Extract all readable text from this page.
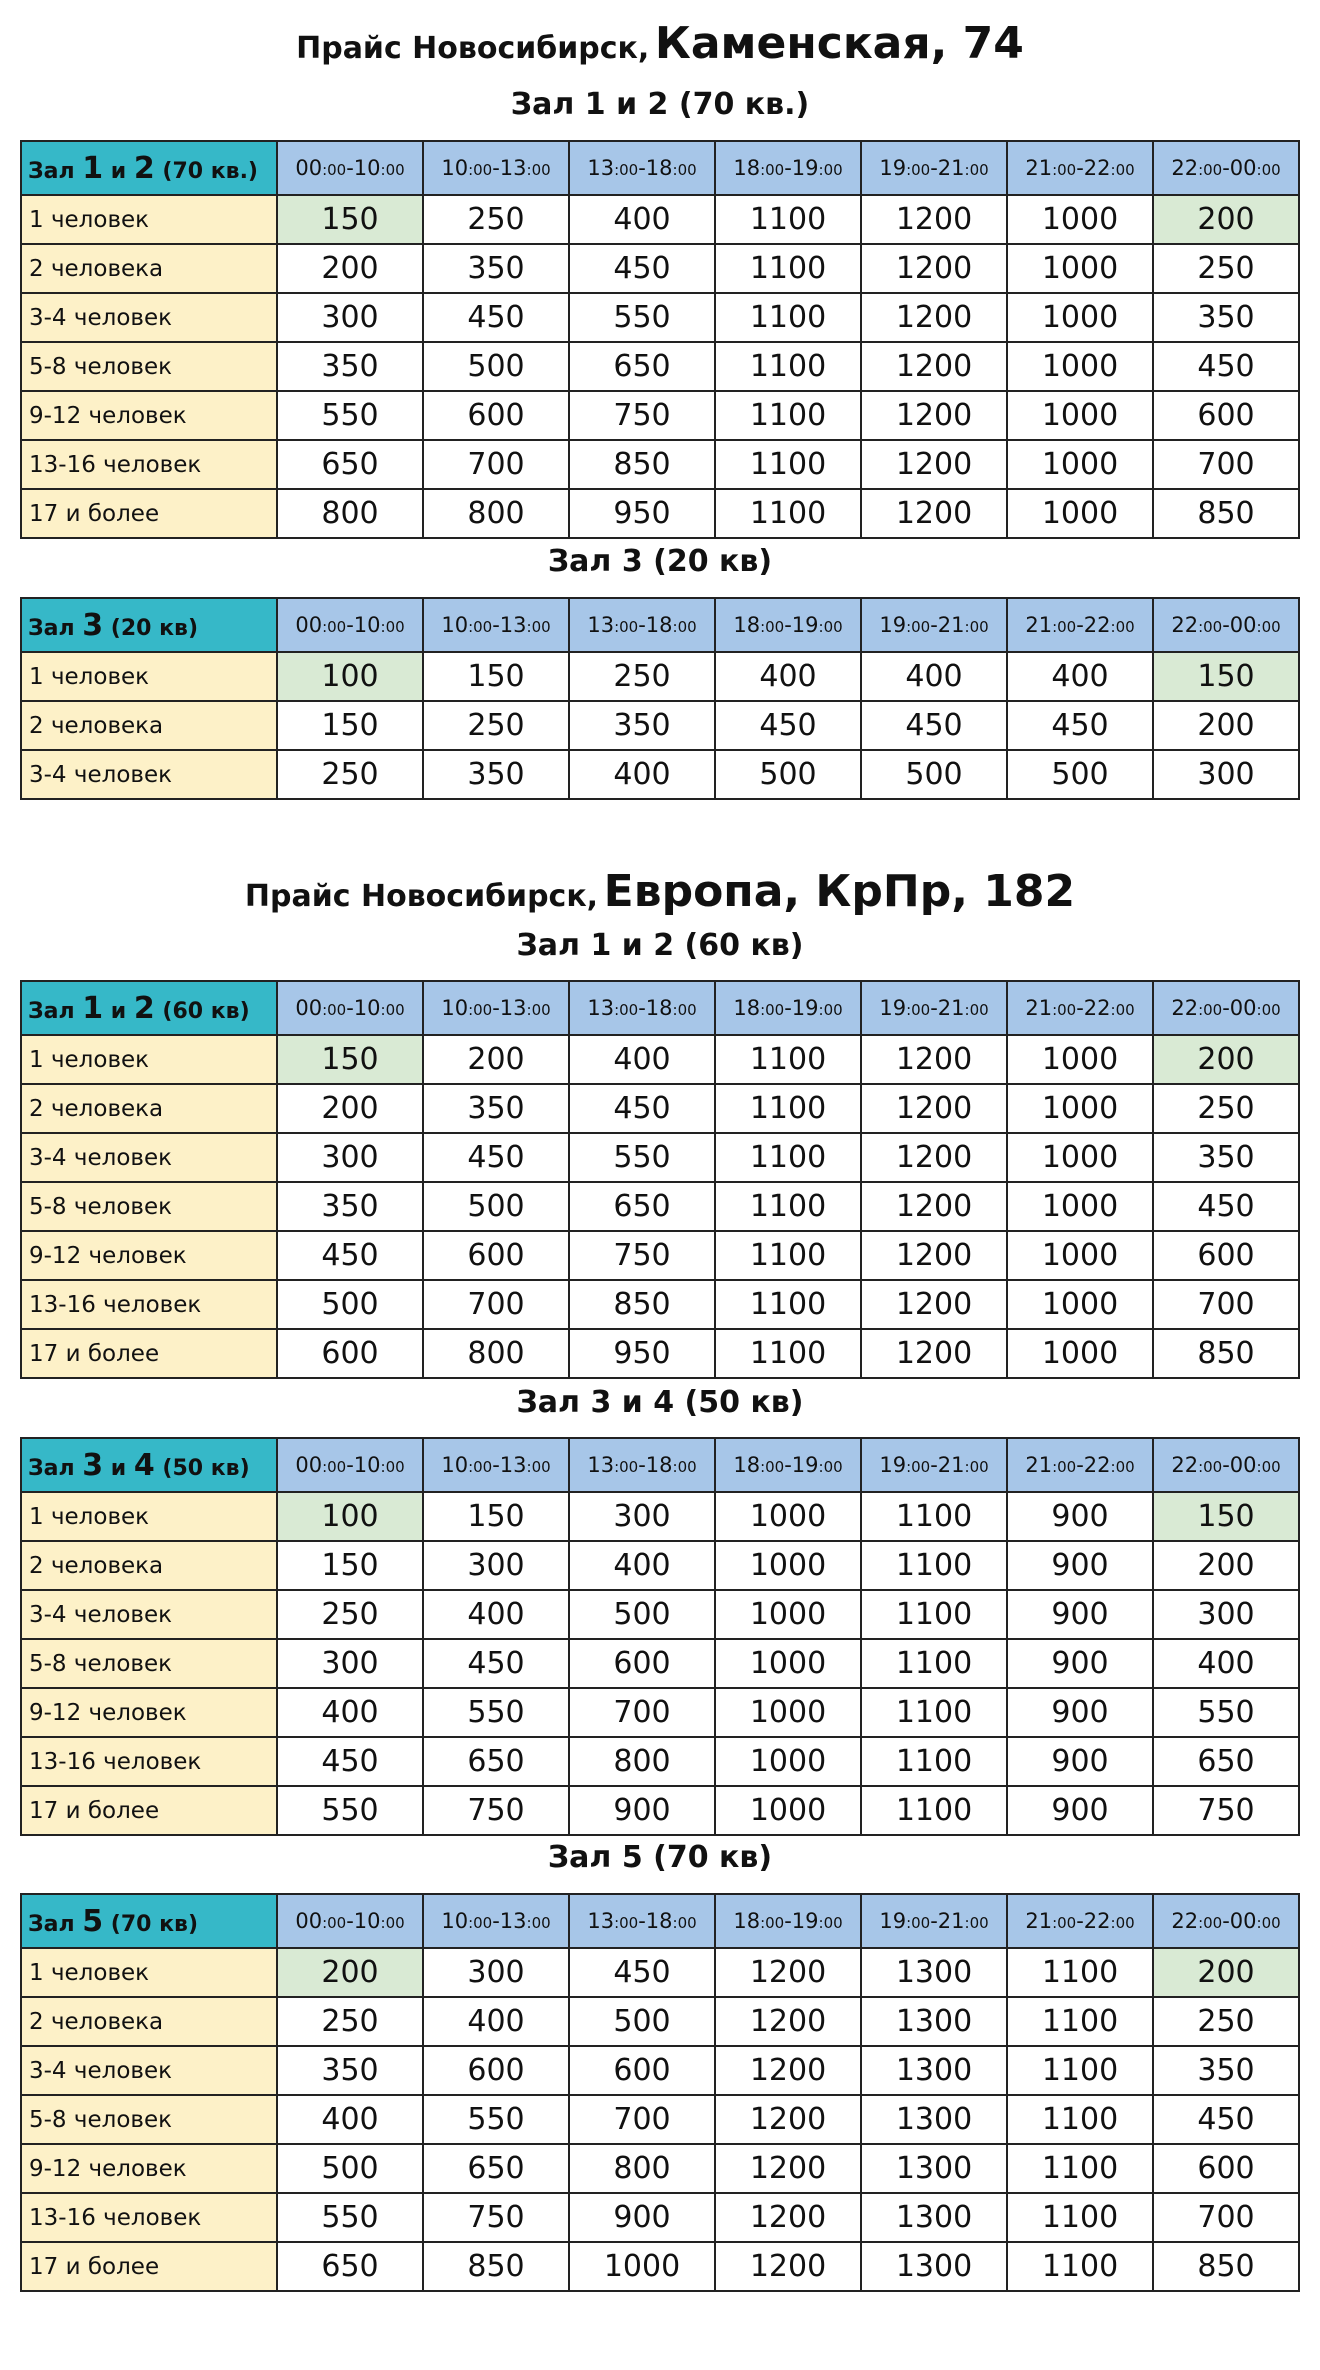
Прайс Новосибирск, Каменская, 74
Зал 1 и 2 (70 кв.)
Зал 1 и 2 (70 кв.)	00:00-10:00	10:00-13:00	13:00-18:00	18:00-19:00	19:00-21:00	21:00-22:00	22:00-00:00
1 человек	150	250	400	1100	1200	1000	200
2 человека	200	350	450	1100	1200	1000	250
3-4 человек	300	450	550	1100	1200	1000	350
5-8 человек	350	500	650	1100	1200	1000	450
9-12 человек	550	600	750	1100	1200	1000	600
13-16 человек	650	700	850	1100	1200	1000	700
17 и более	800	800	950	1100	1200	1000	850
Зал 3 (20 кв)
Зал 3 (20 кв)	00:00-10:00	10:00-13:00	13:00-18:00	18:00-19:00	19:00-21:00	21:00-22:00	22:00-00:00
1 человек	100	150	250	400	400	400	150
2 человека	150	250	350	450	450	450	200
3-4 человек	250	350	400	500	500	500	300
Прайс Новосибирск, Европа, КрПр, 182
Зал 1 и 2 (60 кв)
Зал 1 и 2 (60 кв)	00:00-10:00	10:00-13:00	13:00-18:00	18:00-19:00	19:00-21:00	21:00-22:00	22:00-00:00
1 человек	150	200	400	1100	1200	1000	200
2 человека	200	350	450	1100	1200	1000	250
3-4 человек	300	450	550	1100	1200	1000	350
5-8 человек	350	500	650	1100	1200	1000	450
9-12 человек	450	600	750	1100	1200	1000	600
13-16 человек	500	700	850	1100	1200	1000	700
17 и более	600	800	950	1100	1200	1000	850
Зал 3 и 4 (50 кв)
Зал 3 и 4 (50 кв)	00:00-10:00	10:00-13:00	13:00-18:00	18:00-19:00	19:00-21:00	21:00-22:00	22:00-00:00
1 человек	100	150	300	1000	1100	900	150
2 человека	150	300	400	1000	1100	900	200
3-4 человек	250	400	500	1000	1100	900	300
5-8 человек	300	450	600	1000	1100	900	400
9-12 человек	400	550	700	1000	1100	900	550
13-16 человек	450	650	800	1000	1100	900	650
17 и более	550	750	900	1000	1100	900	750
Зал 5 (70 кв)
Зал 5 (70 кв)	00:00-10:00	10:00-13:00	13:00-18:00	18:00-19:00	19:00-21:00	21:00-22:00	22:00-00:00
1 человек	200	300	450	1200	1300	1100	200
2 человека	250	400	500	1200	1300	1100	250
3-4 человек	350	600	600	1200	1300	1100	350
5-8 человек	400	550	700	1200	1300	1100	450
9-12 человек	500	650	800	1200	1300	1100	600
13-16 человек	550	750	900	1200	1300	1100	700
17 и более	650	850	1000	1200	1300	1100	850
